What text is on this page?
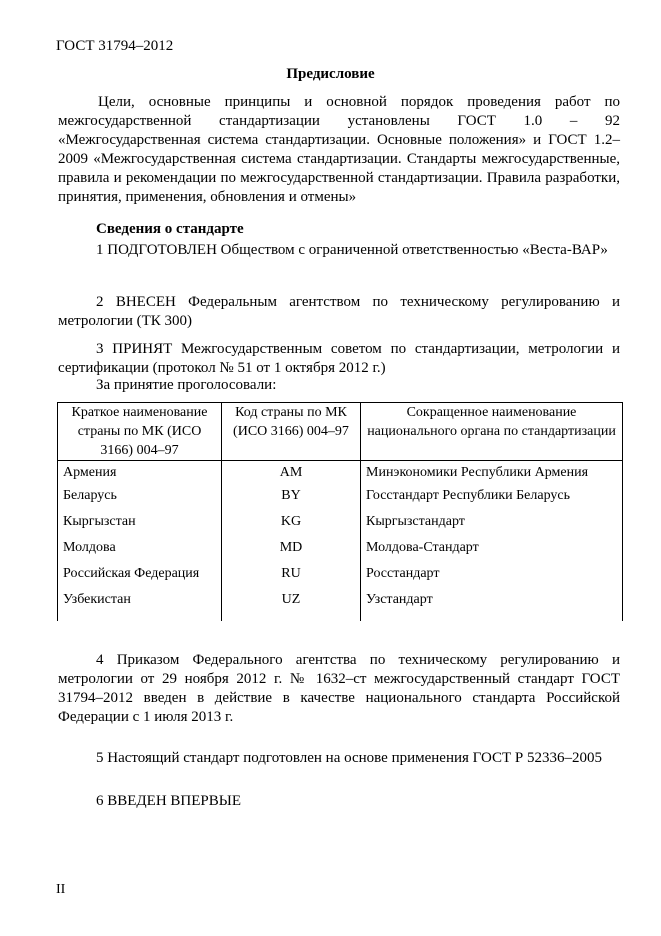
ГОСТ 31794–2012
Предисловие
Цели, основные принципы и основной порядок проведения работ по межгосударственной стандартизации установлены ГОСТ 1.0 – 92 «Межгосударственная система стандартизации. Основные положения» и ГОСТ 1.2–2009 «Межгосударственная система стандартизации. Стандарты межгосударственные, правила и рекомендации по межгосударственной стандартизации. Правила разработки, принятия, применения, обновления и отмены»
Сведения о стандарте
1 ПОДГОТОВЛЕН Обществом с ограниченной ответственностью «Веста-ВАР»
2 ВНЕСЕН Федеральным агентством по техническому регулированию и метрологии (ТК 300)
3 ПРИНЯТ Межгосударственным советом по стандартизации, метрологии и сертификации (протокол № 51 от 1 октября 2012 г.)
За принятие проголосовали:
Краткое наименование страны по МК (ИСО 3166) 004–97	Код страны по МК (ИСО 3166) 004–97	Сокращенное наименование национального органа по стандартизации
Армения	AM	Минэкономики Республики Армения
Беларусь	BY	Госстандарт Республики Беларусь
Кыргызстан	KG	Кыргызстандарт
Молдова	MD	Молдова-Стандарт
Российская Федерация	RU	Росстандарт
Узбекистан	UZ	Узстандарт
4 Приказом Федерального агентства по техническому регулированию и метрологии от 29 ноября 2012 г. № 1632–ст межгосударственный стандарт ГОСТ 31794–2012 введен в действие в качестве национального стандарта Российской Федерации с 1 июля 2013 г.
5 Настоящий стандарт подготовлен на основе применения ГОСТ Р 52336–2005
6 ВВЕДЕН ВПЕРВЫЕ
II
